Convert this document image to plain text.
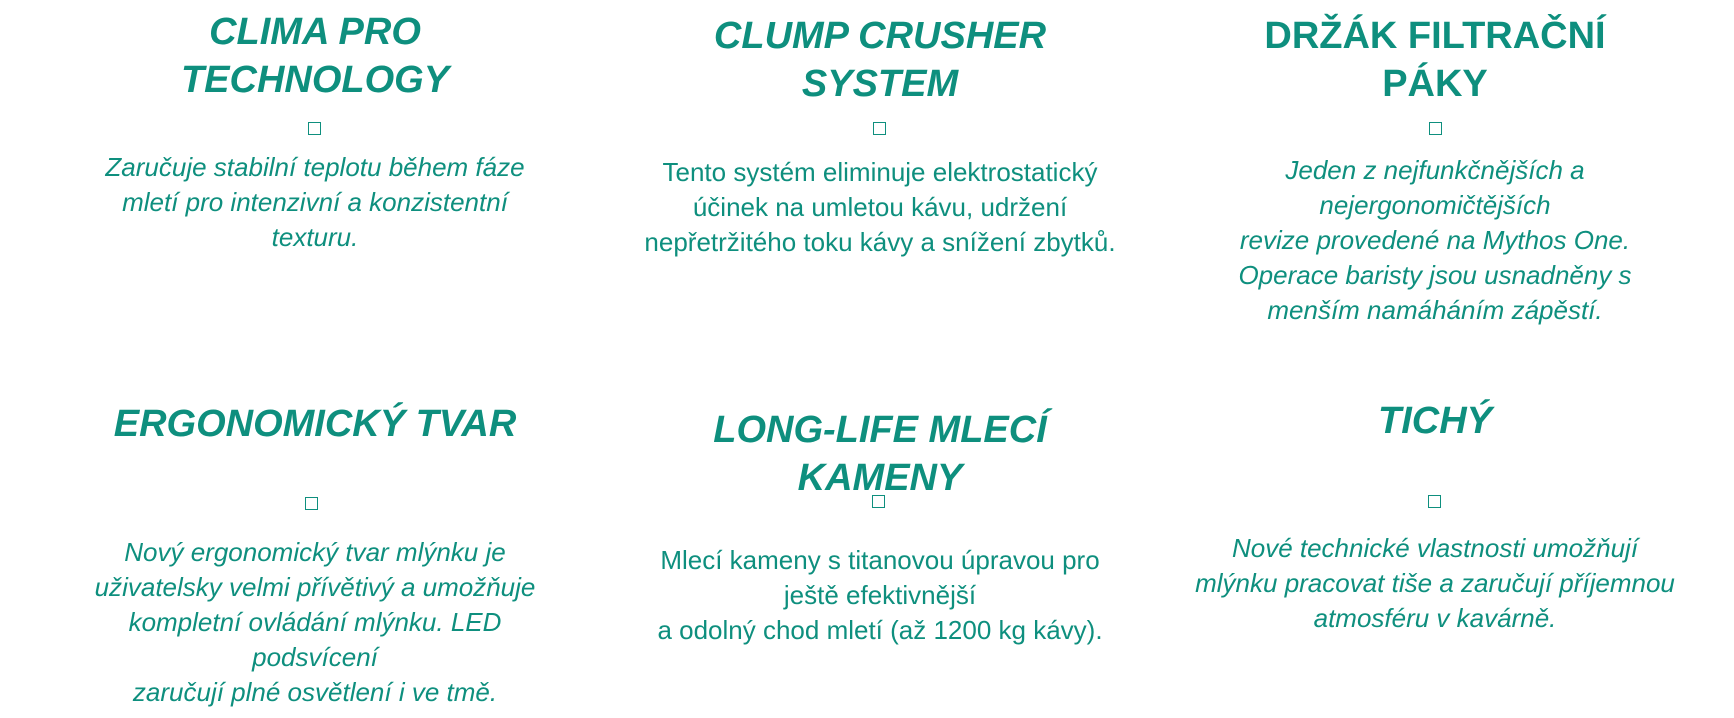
CLIMA PRO
TECHNOLOGY

Zaručuje stabilní teplotu během fáze
mletí pro intenzivní a konzistentní
texturu.

CLUMP CRUSHER
SYSTEM

Tento systém eliminuje elektrostatický
účinek na umletou kávu, udržení
nepřetržitého toku kávy a snížení zbytků.

DRŽÁK FILTRAČNÍ
PÁKY

Jeden z nejfunkčnějších a
nejergonomičtějších
revize provedené na Mythos One.
Operace baristy jsou usnadněny s
menším namáháním zápěstí.

ERGONOMICKÝ TVAR

Nový ergonomický tvar mlýnku je
uživatelsky velmi přívětivý a umožňuje
kompletní ovládání mlýnku. LED
podsvícení
zaručují plné osvětlení i ve tmě.

LONG-LIFE MLECÍ
KAMENY

Mlecí kameny s titanovou úpravou pro
ještě efektivnější
a odolný chod mletí (až 1200 kg kávy).

TICHÝ

Nové technické vlastnosti umožňují
mlýnku pracovat tiše a zaručují příjemnou
atmosféru v kavárně.
